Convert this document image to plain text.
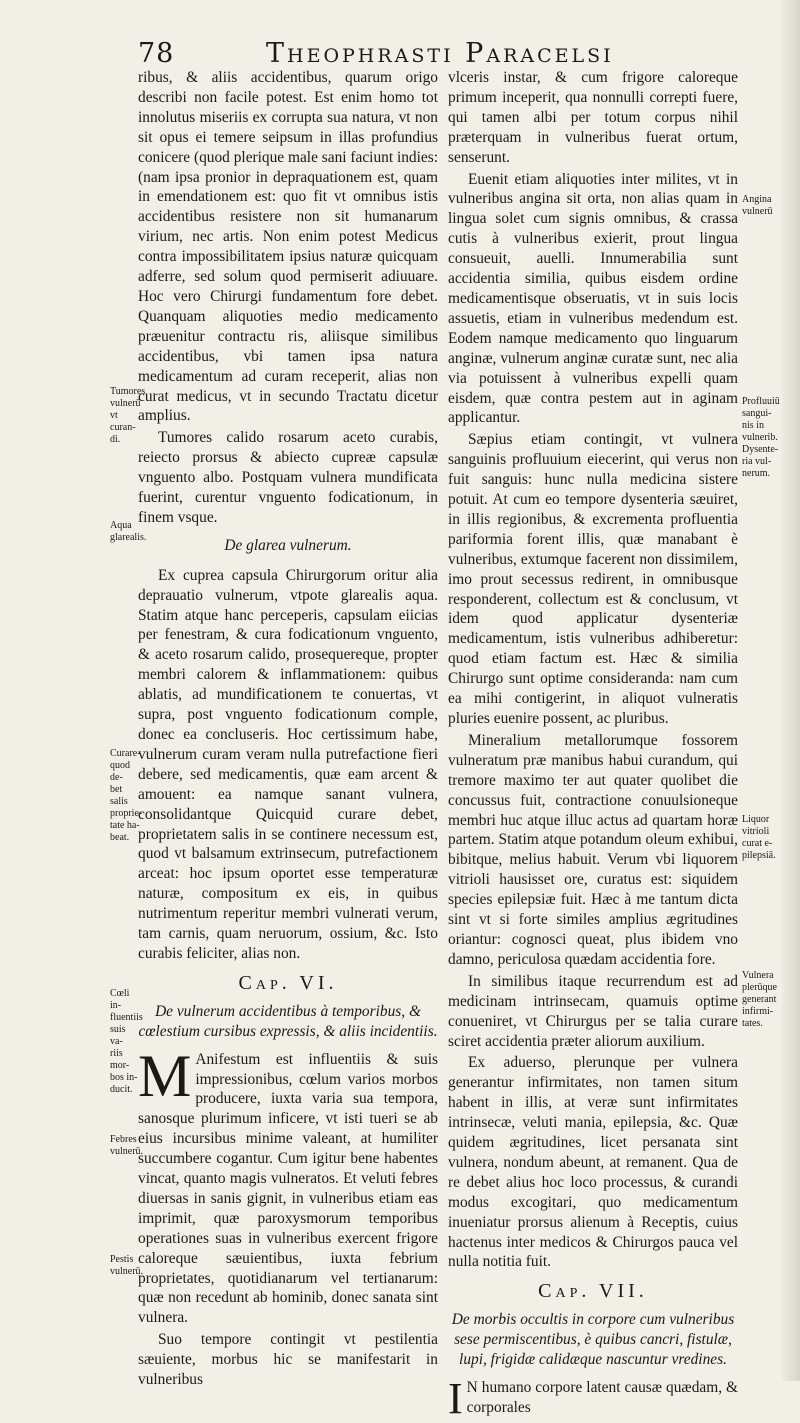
78	Theophrasti Paracelsi

ribus, & aliis accidentibus, quarum origo describi non facile potest. Est enim homo tot innolutus miseriis ex corrupta sua natura, vt non sit opus ei temere seipsum in illas profundius conicere (quod plerique male sani faciunt indies: (nam ipsa pronior in depraquationem est, quam in emendationem est: quo fit vt omnibus istis accidentibus resistere non sit humanarum virium, nec artis. Non enim potest Medicus contra impossibilitatem ipsius naturæ quicquam adferre, sed solum quod permiserit adiuuare. Hoc vero Chirurgi fundamentum fore debet. Quanquam aliquoties medio medicamento præuenitur contractu ris, aliisque similibus accidentibus, vbi tamen ipsa natura medicamentum ad curam receperit, alias non curat medicus, vt in secundo Tractatu dicetur amplius.

Tumores calido rosarum aceto curabis, reiecto prorsus & abiecto cupreæ capsulæ vnguento albo. Postquam vulnera mundificata fuerint, curentur vnguento fodicationum, in finem vsque.

De glarea vulnerum.

Ex cuprea capsula Chirurgorum oritur alia deprauatio vulnerum, vtpote glarealis aqua. Statim atque hanc perceperis, capsulam eiicias per fenestram, & cura fodicationum vnguento, & aceto rosarum calido, prosequereque, propter membri calorem & inflammationem: quibus ablatis, ad mundificationem te conuertas, vt supra, post vnguento fodicationum comple, donec ea concluseris. Hoc certissimum habe, vulnerum curam veram nulla putrefactione fieri debere, sed medicamentis, quæ eam arcent & amouent: ea namque sanant vulnera, consolidantque Quicquid curare debet, proprietatem salis in se continere necessum est, quod vt balsamum extrinsecum, putrefactionem arceat: hoc ipsum oportet esse temperaturæ naturæ, compositum ex eis, in quibus nutrimentum reperitur membri vulnerati verum, tam carnis, quam neruorum, ossium, &c. Isto curabis feliciter, alias non.

Cap. VI.
De vulnerum accidentibus à temporibus, & cœlestium cursibus expressis, & aliis incidentiis.

M Anifestum est influentiis & suis impressionibus, cœlum varios morbos producere, iuxta varia sua tempora, sanosque plurimum inficere, vt isti tueri se ab eius incursibus minime valeant, at humiliter succumbere cogantur. Cum igitur bene habentes vincat, quanto magis vulneratos. Et veluti febres diuersas in sanis gignit, in vulneribus etiam eas imprimit, quæ paroxysmorum temporibus operationes suas in vulneribus exercent frigore caloreque sæuientibus, iuxta febrium proprietates, quotidianarum vel tertianarum: quæ non recedunt ab hominib, donec sanata sint vulnera.

Suo tempore contingit vt pestilentia sæuiente, morbus hic se manifestarit in vulneribus

vlceris instar, & cum frigore caloreque primum inceperit, qua nonnulli correpti fuere, qui tamen albi per totum corpus nihil præterquam in vulneribus fuerat ortum, senserunt.

Euenit etiam aliquoties inter milites, vt in vulneribus angina sit orta, non alias quam in lingua solet cum signis omnibus, & crassa cutis à vulneribus exierit, prout lingua consueuit, auelli. Innumerabilia sunt accidentia similia, quibus eisdem ordine medicamentisque obseruatis, vt in suis locis assuetis, etiam in vulneribus medendum est. Eodem namque medicamento quo linguarum anginæ, vulnerum anginæ curatæ sunt, nec alia via potuissent à vulneribus expelli quam eisdem, quæ contra pestem aut in aginam applicantur.

Sæpius etiam contingit, vt vulnera sanguinis profluuium eiecerint, qui verus non fuit sanguis: hunc nulla medicina sistere potuit. At cum eo tempore dysenteria sæuiret, in illis regionibus, & excrementa profluentia pariformia forent illis, quæ manabant è vulneribus, extumque facerent non dissimilem, imo prout secessus redirent, in omnibusque responderent, collectum est & conclusum, vt idem quod applicatur dysenteriæ medicamentum, istis vulneribus adhiberetur: quod etiam factum est. Hæc & similia Chirurgo sunt optime consideranda: nam cum ea mihi contigerint, in aliquot vulneratis pluries euenire possent, ac pluribus.

Mineralium metallorumque fossorem vulneratum præ manibus habui curandum, qui tremore maximo ter aut quater quolibet die concussus fuit, contractione conuulsioneque membri huc atque illuc actus ad quartam horæ partem. Statim atque potandum oleum exhibui, bibitque, melius habuit. Verum vbi liquorem vitrioli hausisset ore, curatus est: siquidem species epilepsiæ fuit. Hæc à me tantum dicta sint vt si forte similes amplius ægritudines oriantur: cognosci queat, plus ibidem vno damno, periculosa quædam accidentia fore.

In similibus itaque recurrendum est ad medicinam intrinsecam, quamuis optime conueniret, vt Chirurgus per se talia curare sciret accidentia præter aliorum auxilium.

Ex aduerso, plerunque per vulnera generantur infirmitates, non tamen situm habent in illis, at veræ sunt infirmitates intrinsecæ, veluti mania, epilepsia, &c. Quæ quidem ægritudines, licet persanata sint vulnera, nondum abeunt, at remanent. Qua de re debet alius hoc loco processus, & curandi modus excogitari, quo medicamentum inueniatur prorsus alienum à Receptis, cuius hactenus inter medicos & Chirurgos pauca vel nulla notitia fuit.

Cap. VII.
De morbis occultis in corpore cum vulneribus sese permiscentibus, è quibus cancri, fistulæ, lupi, frigidæ calidæque nascuntur vredines.

I N humano corpore latent causæ quædam, & corporales

Tumores
vulnerū
vt curan-
di.
Aqua
glarealis.
Curare-
quod de-
bet salis
proprie-
tate ha-
beat.
Cœli in-
fluentiis
suis va-
riis mor-
bos in-
ducit.
Febres
vulnerū.
Pestis
vulnerū.
Angina
vulnerū
Profluuiū
sangui-
nis in
vulnerib.
Dysente-
ria vul-
nerum.
Liquor
vitrioli
curat e-
pilepsiā.
Vulnera
plerūque
generant
infirmi-
tates.
